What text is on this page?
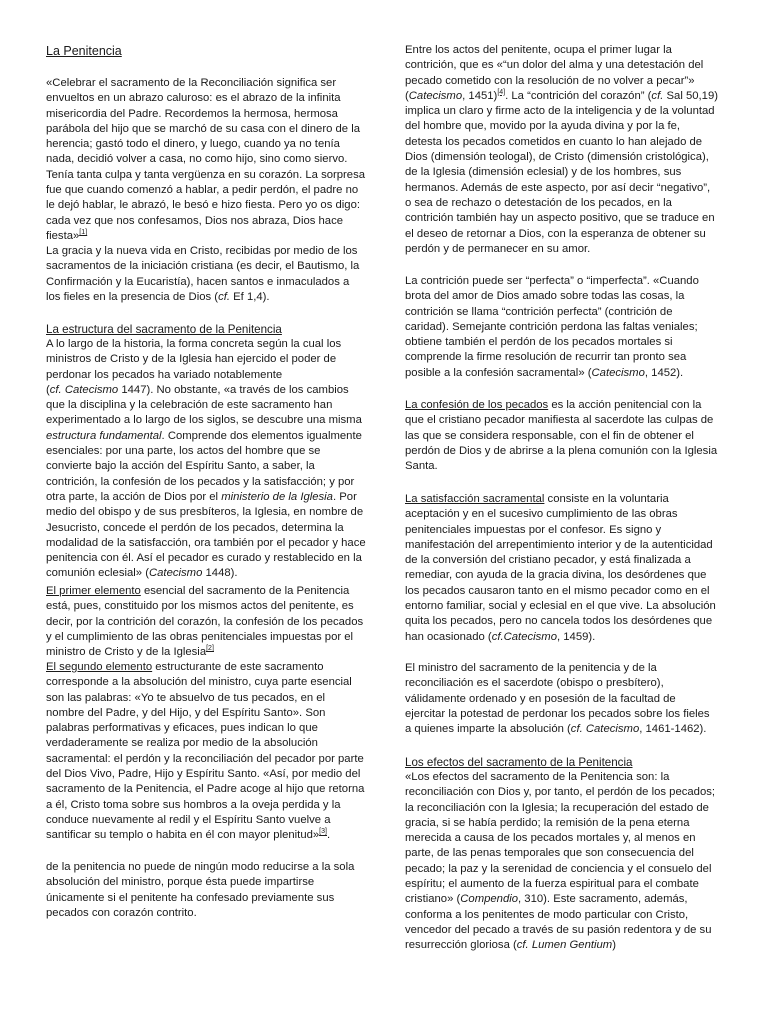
La Penitencia

«Celebrar el sacramento de la Reconciliación significa ser envueltos en un abrazo caluroso: es el abrazo de la infinita misericordia del Padre. Recordemos la hermosa, hermosa parábola del hijo que se marchó de su casa con el dinero de la herencia; gastó todo el dinero, y luego, cuando ya no tenía nada, decidió volver a casa, no como hijo, sino como siervo. Tenía tanta culpa y tanta vergüenza en su corazón. La sorpresa fue que cuando comenzó a hablar, a pedir perdón, el padre no le dejó hablar, le abrazó, le besó e hizo fiesta. Pero yo os digo: cada vez que nos confesamos, Dios nos abraza, Dios hace fiesta»[1]

La gracia y la nueva vida en Cristo, recibidas por medio de los sacramentos de la iniciación cristiana (es decir, el Bautismo, la Confirmación y la Eucaristía), hacen santos e inmaculados a los fieles en la presencia de Dios (cf. Ef 1,4).

La estructura del sacramento de la Penitencia

A lo largo de la historia, la forma concreta según la cual los ministros de Cristo y de la Iglesia han ejercido el poder de perdonar los pecados ha variado notablemente
(cf. Catecismo 1447). No obstante, «a través de los cambios que la disciplina y la celebración de este sacramento han experimentado a lo largo de los siglos, se descubre una misma estructura fundamental. Comprende dos elementos igualmente esenciales: por una parte, los actos del hombre que se convierte bajo la acción del Espíritu Santo, a saber, la contrición, la confesión de los pecados y la satisfacción; y por otra parte, la acción de Dios por el ministerio de la Iglesia. Por medio del obispo y de sus presbíteros, la Iglesia, en nombre de Jesucristo, concede el perdón de los pecados, determina la modalidad de la satisfacción, ora también por el pecador y hace penitencia con él. Así el pecador es curado y restablecido en la comunión eclesial» (Catecismo 1448).

El primer elemento esencial del sacramento de la Penitencia está, pues, constituido por los mismos actos del penitente, es decir, por la contrición del corazón, la confesión de los pecados y el cumplimiento de las obras penitenciales impuestas por el ministro de Cristo y de la Iglesia[2]

El segundo elemento estructurante de este sacramento corresponde a la absolución del ministro, cuya parte esencial son las palabras: «Yo te absuelvo de tus pecados, en el nombre del Padre, y del Hijo, y del Espíritu Santo». Son palabras performativas y eficaces, pues indican lo que verdaderamente se realiza por medio de la absolución sacramental: el perdón y la reconciliación del pecador por parte del Dios Vivo, Padre, Hijo y Espíritu Santo. «Así, por medio del sacramento de la Penitencia, el Padre acoge al hijo que retorna a él, Cristo toma sobre sus hombros a la oveja perdida y la conduce nuevamente al redil y el Espíritu Santo vuelve a santificar su templo o habita en él con mayor plenitud»[3].

de la penitencia no puede de ningún modo reducirse a la sola absolución del ministro, porque ésta puede impartirse únicamente si el penitente ha confesado previamente sus pecados con corazón contrito.

Entre los actos del penitente, ocupa el primer lugar la contrición, que es «“un dolor del alma y una detestación del pecado cometido con la resolución de no volver a pecar”» (Catecismo, 1451)[4]. La “contrición del corazón” (cf. Sal 50,19) implica un claro y firme acto de la inteligencia y de la voluntad del hombre que, movido por la ayuda divina y por la fe, detesta los pecados cometidos en cuanto lo han alejado de Dios (dimensión teologal), de Cristo (dimensión cristológica), de la Iglesia (dimensión eclesial) y de los hombres, sus hermanos. Además de este aspecto, por así decir “negativo”, o sea de rechazo o detestación de los pecados, en la contrición también hay un aspecto positivo, que se traduce en el deseo de retornar a Dios, con la esperanza de obtener su perdón y de permanecer en su amor.

La contrición puede ser “perfecta” o “imperfecta”. «Cuando brota del amor de Dios amado sobre todas las cosas, la contrición se llama “contrición perfecta” (contrición de caridad). Semejante contrición perdona las faltas veniales; obtiene también el perdón de los pecados mortales si comprende la firme resolución de recurrir tan pronto sea posible a la confesión sacramental» (Catecismo, 1452).

La confesión de los pecados es la acción penitencial con la que el cristiano pecador manifiesta al sacerdote las culpas de las que se considera responsable, con el fin de obtener el perdón de Dios y de abrirse a la plena comunión con la Iglesia Santa.

La satisfacción sacramental consiste en la voluntaria aceptación y en el sucesivo cumplimiento de las obras penitenciales impuestas por el confesor. Es signo y manifestación del arrepentimiento interior y de la autenticidad de la conversión del cristiano pecador, y está finalizada a remediar, con ayuda de la gracia divina, los desórdenes que los pecados causaron tanto en el mismo pecador como en el entorno familiar, social y eclesial en el que vive. La absolución quita los pecados, pero no cancela todos los desórdenes que han ocasionado (cf.Catecismo, 1459).

El ministro del sacramento de la penitencia y de la reconciliación es el sacerdote (obispo o presbítero), válidamente ordenado y en posesión de la facultad de ejercitar la potestad de perdonar los pecados sobre los fieles a quienes imparte la absolución (cf. Catecismo, 1461-1462).

Los efectos del sacramento de la Penitencia

«Los efectos del sacramento de la Penitencia son: la reconciliación con Dios y, por tanto, el perdón de los pecados; la reconciliación con la Iglesia; la recuperación del estado de gracia, si se había perdido; la remisión de la pena eterna merecida a causa de los pecados mortales y, al menos en parte, de las penas temporales que son consecuencia del pecado; la paz y la serenidad de conciencia y el consuelo del espíritu; el aumento de la fuerza espiritual para el combate cristiano» (Compendio, 310). Este sacramento, además, conforma a los penitentes de modo particular con Cristo, vencedor del pecado a través de su pasión redentora y de su resurrección gloriosa (cf. Lumen Gentium)
